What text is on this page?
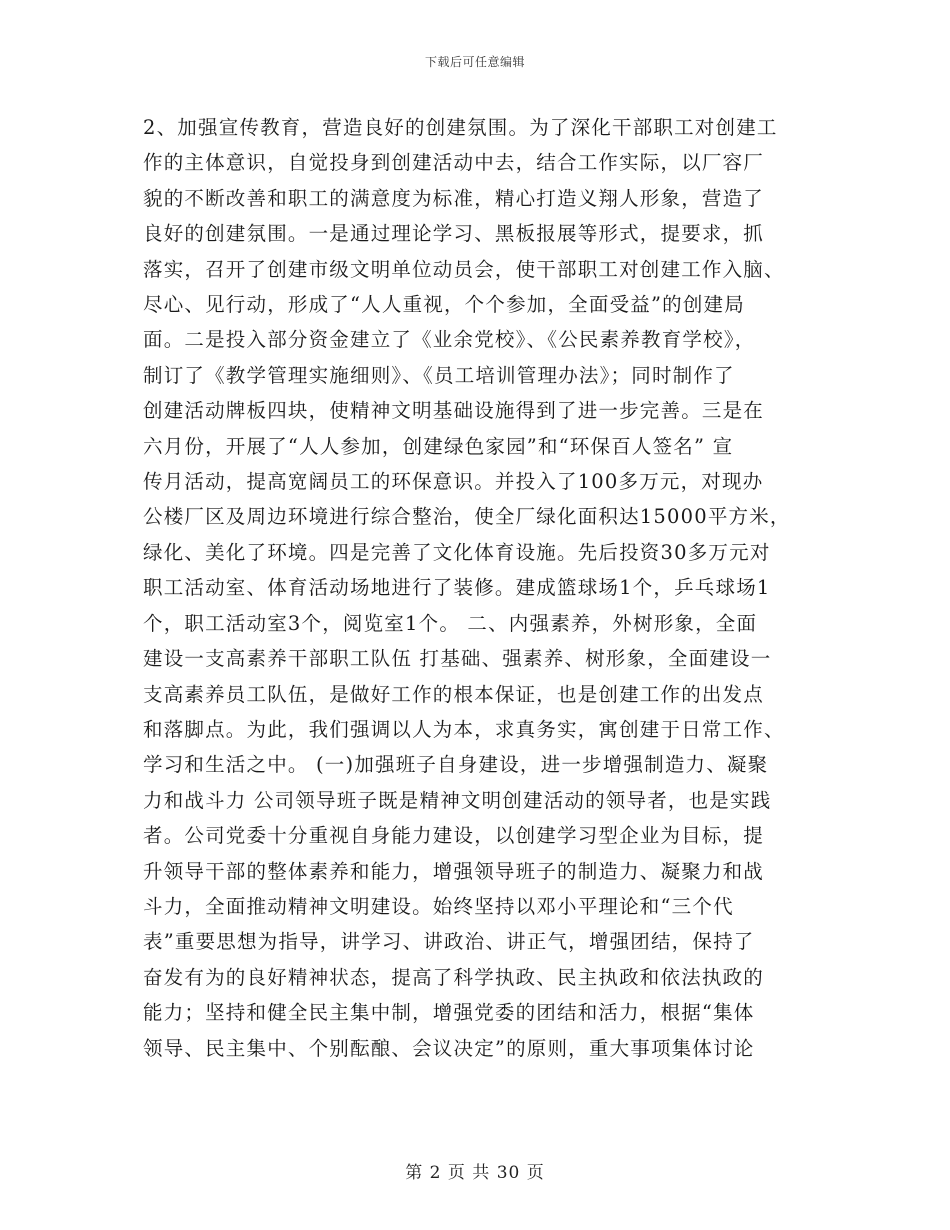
下载后可任意编辑
2、加强宣传教育，营造良好的创建氛围。为了深化干部职工对创建工
作的主体意识，自觉投身到创建活动中去，结合工作实际，以厂容厂
貌的不断改善和职工的满意度为标准，精心打造义翔人形象，营造了
良好的创建氛围。一是通过理论学习、黑板报展等形式，提要求，抓
落实，召开了创建市级文明单位动员会，使干部职工对创建工作入脑、
尽心、见行动，形成了“人人重视，个个参加，全面受益”的创建局
面。二是投入部分资金建立了《业余党校》、《公民素养教育学校》，
制订了《教学管理实施细则》、《员工培训管理办法》；同时制作了
创建活动牌板四块，使精神文明基础设施得到了进一步完善。三是在
六月份，开展了“人人参加，创建绿色家园”和“环保百人签名” 宣
传月活动，提高宽阔员工的环保意识。并投入了100多万元，对现办
公楼厂区及周边环境进行综合整治，使全厂绿化面积达15000平方米，
绿化、美化了环境。四是完善了文化体育设施。先后投资30多万元对
职工活动室、体育活动场地进行了装修。建成篮球场1个，乒乓球场1
个，职工活动室3个，阅览室1个。 二、内强素养，外树形象，全面
建设一支高素养干部职工队伍 打基础、强素养、树形象，全面建设一
支高素养员工队伍，是做好工作的根本保证，也是创建工作的出发点
和落脚点。为此，我们强调以人为本，求真务实，寓创建于日常工作、
学习和生活之中。 (一)加强班子自身建设，进一步增强制造力、凝聚
力和战斗力 公司领导班子既是精神文明创建活动的领导者，也是实践
者。公司党委十分重视自身能力建设，以创建学习型企业为目标，提
升领导干部的整体素养和能力，增强领导班子的制造力、凝聚力和战
斗力，全面推动精神文明建设。始终坚持以邓小平理论和“三个代
表”重要思想为指导，讲学习、讲政治、讲正气，增强团结，保持了
奋发有为的良好精神状态，提高了科学执政、民主执政和依法执政的
能力；坚持和健全民主集中制，增强党委的团结和活力，根据“集体
领导、民主集中、个别酝酿、会议决定”的原则，重大事项集体讨论
第 2 页 共 30 页
